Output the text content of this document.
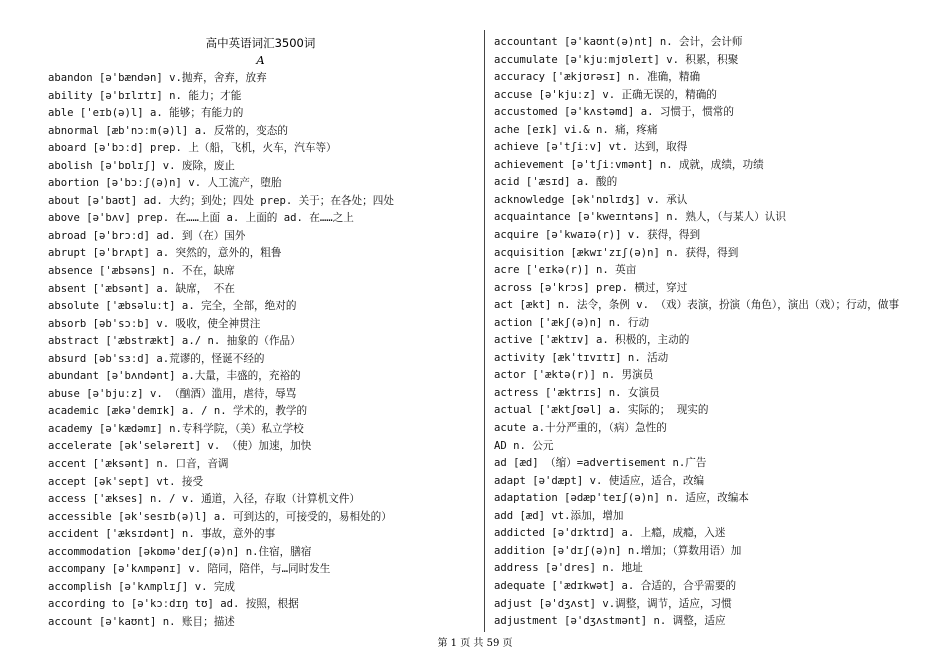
高中英语词汇3500词
A
abandon [ə'bændən] v.抛弃，舍弃，放弃
ability [ə'bɪlɪtɪ] n. 能力；才能
able ['eɪb(ə)l] a. 能够；有能力的
abnormal [æb'nɔːm(ə)l] a. 反常的，变态的
aboard [ə'bɔːd] prep. 上（船，飞机，火车，汽车等）
abolish [ə'bɒlɪʃ] v. 废除，废止
abortion [ə'bɔːʃ(ə)n] v. 人工流产，堕胎
about [ə'baʊt] ad. 大约；到处；四处 prep. 关于；在各处；四处
above [ə'bʌv] prep. 在……上面 a. 上面的 ad. 在……之上
abroad [ə'brɔːd] ad. 到（在）国外
abrupt [ə'brʌpt] a. 突然的，意外的，粗鲁
absence ['æbsəns] n. 不在，缺席
absent ['æbsənt] a. 缺席， 不在
absolute ['æbsəluːt] a. 完全，全部，绝对的
absorb [əb'sɔːb] v. 吸收，使全神贯注
abstract ['æbstrækt] a./ n. 抽象的（作品）
absurd [əb'sɜːd] a.荒谬的，怪诞不经的
abundant [ə'bʌndənt] a.大量，丰盛的，充裕的
abuse [ə'bjuːz] v. （酗酒）滥用，虐待，辱骂
academic [ækə'demɪk] a. / n. 学术的，教学的
academy [ə'kædəmɪ] n.专科学院，（美）私立学校
accelerate [ək'seləreɪt] v. （使）加速，加快
accent ['æksənt] n. 口音，音调
accept [ək'sept] vt. 接受
access ['ækses] n. / v. 通道，入径，存取（计算机文件）
accessible [ək'sesɪb(ə)l] a. 可到达的，可接受的，易相处的）
accident ['æksɪdənt] n. 事故，意外的事
accommodation [əkɒmə'deɪʃ(ə)n] n.住宿，膳宿
accompany [ə'kʌmpənɪ] v. 陪同，陪伴，与…同时发生
accomplish [ə'kʌmplɪʃ] v. 完成
according to [ə'kɔːdɪŋ tʊ] ad. 按照，根据
account [ə'kaʊnt] n. 账目；描述
accountant [ə'kaʊnt(ə)nt] n. 会计，会计师
accumulate [ə'kjuːmjʊleɪt] v. 积累，积聚
accuracy ['ækjʊrəsɪ] n. 准确，精确
accuse [ə'kjuːz] v. 正确无误的，精确的
accustomed [ə'kʌstəmd] a. 习惯于，惯常的
ache [eɪk] vi.& n. 痛，疼痛
achieve [ə'tʃiːv] vt. 达到，取得
achievement [ə'tʃiːvmənt] n. 成就，成绩，功绩
acid ['æsɪd] a. 酸的
acknowledge [ək'nɒlɪdʒ] v. 承认
acquaintance [ə'kweɪntəns] n. 熟人，（与某人）认识
acquire [ə'kwaɪə(r)] v. 获得，得到
acquisition [ækwɪ'zɪʃ(ə)n] n. 获得，得到
acre ['eɪkə(r)] n. 英亩
across [ə'krɔs] prep. 横过，穿过
act [ækt] n. 法令，条例 v. （戏）表演，扮演（角色），演出（戏）；行动，做事
action ['ækʃ(ə)n] n. 行动
active ['æktɪv] a. 积极的，主动的
activity [æk'tɪvɪtɪ] n. 活动
actor ['æktə(r)] n. 男演员
actress ['æktrɪs] n. 女演员
actual ['æktʃʊəl] a. 实际的； 现实的
acute a.十分严重的，（病）急性的
AD n. 公元
ad [æd] （缩）=advertisement n.广告
adapt [ə'dæpt] v. 使适应，适合，改编
adaptation [ədæp'teɪʃ(ə)n] n. 适应，改编本
add [æd] vt.添加，增加
addicted [ə'dɪktɪd] a. 上瘾，成瘾，入迷
addition [ə'dɪʃ(ə)n] n.增加；（算数用语）加
address [ə'dres] n. 地址
adequate ['ædɪkwət] a. 合适的，合乎需要的
adjust [ə'dʒʌst] v.调整，调节，适应，习惯
adjustment [ə'dʒʌstmənt] n. 调整，适应
第 1 页 共 59 页
